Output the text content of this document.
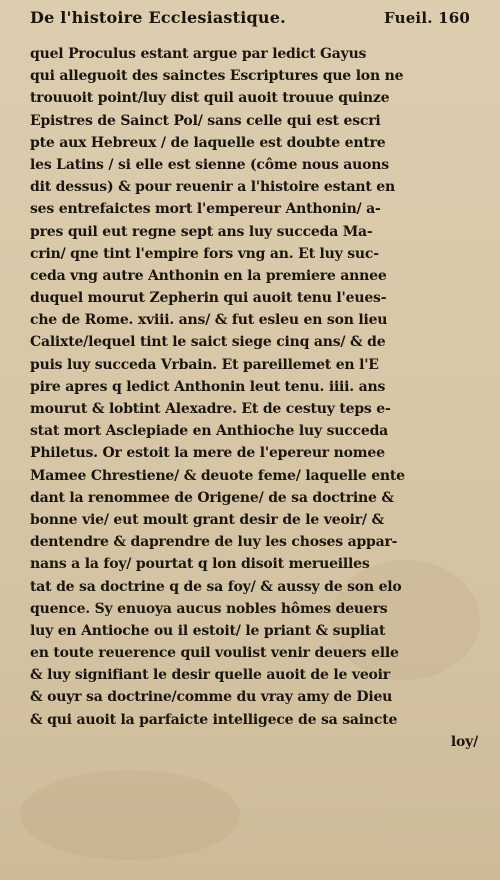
De l'histoire Ecclesiastique.	Fueil. 160
quel Proculus estant argue par ledict Gayus
qui alleguoit des sainctes Escriptures que lon ne
trouuoit point/luy dist quil auoit trouue quinze
Epistres de Sainct Pol/ sans celle qui est escri
pte aux Hebreux / de laquelle est doubte entre
les Latins / si elle est sienne (côme nous auons
dit dessus) & pour reuenir a l'histoire estant en
ses entrefaictes mort l'empereur Anthonin/ a-
pres quil eut regne sept ans luy succeda Ma-
crin/ qne tint l'empire fors vng an. Et luy suc-
ceda vng autre Anthonin en la premiere annee
duquel mourut Zepherin qui auoit tenu l'eues-
che de Rome. xviii. ans/ & fut esleu en son lieu
Calixte/lequel tint le saict siege cinq ans/ & de
puis luy succeda Vrbain. Et pareillemet en l'E
pire apres q ledict Anthonin leut tenu. iiii. ans
mourut & lobtint Alexadre. Et de cestuy teps e-
stat mort Asclepiade en Anthioche luy succeda
Philetus. Or estoit la mere de l'epereur nomee
Mamee Chrestiene/ & deuote feme/ laquelle ente
dant la renommee de Origene/ de sa doctrine &
bonne vie/ eut moult grant desir de le veoir/ &
dentendre & daprendre de luy les choses appar-
nans a la foy/ pourtat q lon disoit merueilles
tat de sa doctrine q de sa foy/ & aussy de son elo
quence. Sy enuoya aucus nobles hômes deuers
luy en Antioche ou il estoit/ le priant & supliat
en toute reuerence quil voulist venir deuers elle
& luy signifiant le desir quelle auoit de le veoir
& ouyr sa doctrine/comme du vray amy de Dieu
& qui auoit la parfaicte intelligece de sa saincte
loy/
